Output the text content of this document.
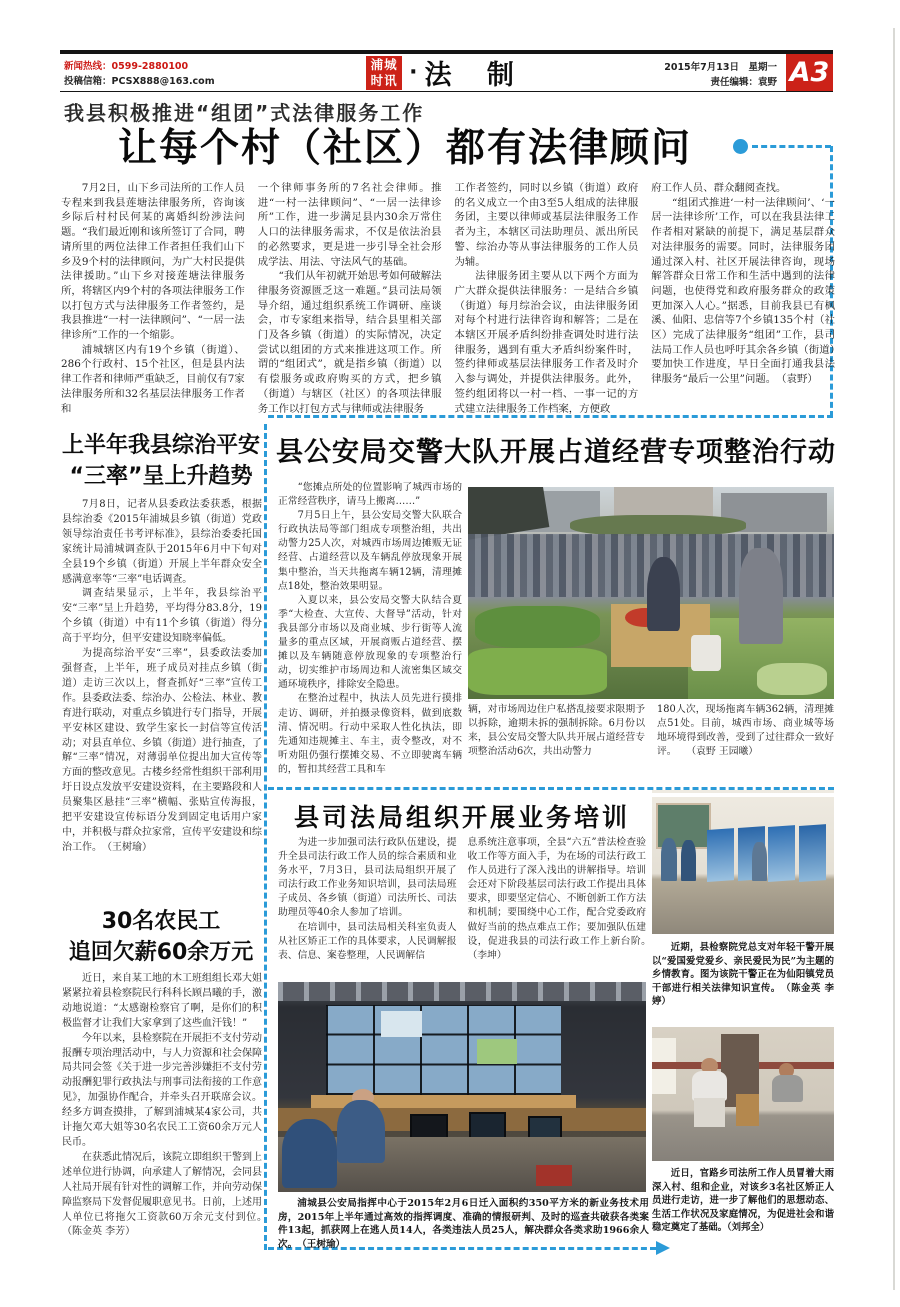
新闻热线：0599-2880100
投稿信箱：PCSX888@163.com
浦城
时讯 · 法 制	2015年7月13日　星期一
责任编辑：袁野 A3
我县积极推进“组团”式法律服务工作
让每个村（社区）都有法律顾问

7月2日，山下乡司法所的工作人员专程来到我县莲塘法律服务所，咨询该乡际后村村民何某的离婚纠纷涉法问题。“我们最近刚和该所签订了合同，聘请所里的两位法律工作者担任我们山下乡及9个村的法律顾问，为广大村民提供法律援助。”山下乡对接莲塘法律服务所，将辖区内9个村的各项法律服务工作以打包方式与法律服务工作者签约，是我县推进“一村一法律顾问”、“一居一法律诊所”工作的一个缩影。

浦城辖区内有19个乡镇（街道）、286个行政村、15个社区，但是县内法律工作者和律师严重缺乏，目前仅有7家法律服务所和32名基层法律服务工作者和

一个律师事务所的7名社会律师。推进“一村一法律顾问”、“一居一法律诊所”工作，进一步满足县内30余万常住人口的法律服务需求，不仅是依法治县的必然要求，更是进一步引导全社会形成学法、用法、守法风气的基础。

“我们从年初就开始思考如何破解法律服务资源匮乏这一难题。”县司法局领导介绍，通过组织系统工作调研、座谈会，市专家组来指导，结合县里相关部门及各乡镇（街道）的实际情况，决定尝试以组团的方式来推进这项工作。所谓的“组团式”，就是指乡镇（街道）以有偿服务或政府购买的方式，把乡镇（街道）与辖区（社区）的各项法律服务工作以打包方式与律师或法律服务

工作者签约，同时以乡镇（街道）政府的名义成立一个由3至5人组成的法律服务团，主要以律师或基层法律服务工作者为主，本辖区司法助理员、派出所民警、综治办等从事法律服务的工作人员为辅。

法律服务团主要从以下两个方面为广大群众提供法律服务：一是结合乡镇（街道）每月综治会议，由法律服务团对每个村进行法律咨询和解答；二是在本辖区开展矛盾纠纷排查调处时进行法律服务，遇到有重大矛盾纠纷案件时，签约律师或基层法律服务工作者及时介入参与调处，并提供法律服务。此外，签约组团将以一村一档、一事一记的方式建立法律服务工作档案，方便政

府工作人员、群众翻阅查找。

“组团式推进‘一村一法律顾问’、‘一居一法律诊所’工作，可以在我县法律工作者相对紧缺的前提下，满足基层群众对法律服务的需要。同时，法律服务团通过深入村、社区开展法律咨询，现场解答群众日常工作和生活中遇到的法律问题，也使得党和政府服务群众的政策更加深入人心。”据悉，目前我县已有枫溪、仙阳、忠信等7个乡镇135个村（社区）完成了法律服务“组团”工作，县司法局工作人员也呼吁其余各乡镇（街道）要加快工作进度，早日全面打通我县法律服务“最后一公里”问题。　（袁野）

上半年我县综治平安
“三率”呈上升趋势

7月8日，记者从县委政法委获悉，根据县综治委《2015年浦城县乡镇（街道）党政领导综治责任书考评标准》，县综治委委托国家统计局浦城调查队于2015年6月中下旬对全县19个乡镇（街道）开展上半年群众安全感满意率等“三率”电话调查。

调查结果显示，上半年，我县综治平安“三率”呈上升趋势，平均得分83.8分，19个乡镇（街道）中有11个乡镇（街道）得分高于平均分，但平安建设知晓率偏低。

为提高综治平安“三率”，县委政法委加强督查，上半年，班子成员对挂点乡镇（街道）走访三次以上，督查抓好“三率”宣传工作。县委政法委、综治办、公检法、林业、教育进行联动，对重点乡镇进行专门指导，开展平安林区建设、致学生家长一封信等宣传活动；对县直单位、乡镇（街道）进行抽查，了解“三率”情况，对薄弱单位提出加大宣传等方面的整改意见。古楼乡经常性组织干部利用圩日设点发放平安建设资料，在主要路段和人员聚集区悬挂“三率”横幅、张贴宣传海报，把平安建设宣传标语分发到固定电话用户家中，并积极与群众拉家常，宣传平安建设和综治工作。　（王树瑜）

30名农民工
追回欠薪60余万元

近日，来自某工地的木工班组组长邓大姐紧紧拉着县检察院民行科科长顾昌曦的手，激动地说道：“太感谢检察官了啊，是你们的积极监督才让我们大家拿到了这些血汗钱！”

今年以来，县检察院在开展拒不支付劳动报酬专项治理活动中，与人力资源和社会保障局共同会签《关于进一步完善涉嫌拒不支付劳动报酬犯罪行政执法与刑事司法衔接的工作意见》，加强协作配合，并牵头召开联席会议。经多方调查摸排，了解到浦城某4家公司，共计拖欠邓大姐等30名农民工工资60余万元人民币。

在获悉此情况后，该院立即组织干警到上述单位进行协调，向承建人了解情况，会同县人社局开展有针对性的调解工作，并向劳动保障监察局下发督促履职意见书。日前，上述用人单位已将拖欠工资款60万余元支付到位。　（陈金英 李芳）

县公安局交警大队开展占道经营专项整治行动

“您摊点所处的位置影响了城西市场的正常经营秩序，请马上搬离……”

7月5日上午，县公安局交警大队联合行政执法局等部门组成专项整治组，共出动警力25人次，对城西市场周边摊贩无证经营、占道经营以及车辆乱停放现象开展集中整治，当天共拖离车辆12辆，清理摊点18处，整治效果明显。

入夏以来，县公安局交警大队结合夏季“大检查、大宣传、大督导”活动，针对我县部分市场以及商业城、步行街等人流量多的重点区域，开展商贩占道经营、摆摊以及车辆随意停放现象的专项整治行动，切实维护市场周边和人流密集区域交通环境秩序，排除安全隐患。

在整治过程中，执法人员先进行摸排走访、调研，并拍摄录像资料，做到底数清、情况明。行动中采取人性化执法，即先通知违规摊主、车主，责令整改，对不听劝阻仍强行摆摊交易、不立即驶离车辆的，暂扣其经营工具和车

辆，对市场周边住户私搭乱接要求限期予以拆除，逾期未拆的强制拆除。6月份以来，县公安局交警大队共开展占道经营专项整治活动6次，共出动警力

180人次，现场拖离车辆362辆，清理摊点51处。目前，城西市场、商业城等场地环境得到改善，受到了过往群众一致好评。　　（袁野 王园曦）

县司法局组织开展业务培训

为进一步加强司法行政队伍建设，提升全县司法行政工作人员的综合素质和业务水平，7月3日，县司法局组织开展了司法行政工作业务知识培训，县司法局班子成员、各乡镇（街道）司法所长、司法助理员等40余人参加了培训。

在培训中，县司法局相关科室负责人从社区矫正工作的具体要求，人民调解报表、信息、案卷整理，人民调解信

息系统注意事项，全县“六五”普法检查验收工作等方面入手，为在场的司法行政工作人员进行了深入浅出的讲解指导。培训会还对下阶段基层司法行政工作提出具体要求，即要坚定信心、不断创新工作方法和机制；要围绕中心工作，配合党委政府做好当前的热点难点工作；要加强队伍建设，促进我县的司法行政工作上新台阶。　（李坤）

浦城县公安局指挥中心于2015年2月6日迁入面积约350平方米的新业务技术用房，2015年上半年通过高效的指挥调度、准确的情报研判、及时的巡查共破获各类案件13起，抓获网上在逃人员14人，各类违法人员25人，解决群众各类求助1966余人次。　（王树瑜）

近期，县检察院党总支对年轻干警开展以“爱国爱党爱乡、亲民爱民为民”为主题的乡情教育。图为该院干警正在为仙阳镇党员干部进行相关法律知识宣传。　（陈金英 李婷）

近日，官路乡司法所工作人员冒着大雨深入村、组和企业，对该乡3名社区矫正人员进行走访，进一步了解他们的思想动态、生活工作状况及家庭情况，为促进社会和谐稳定奠定了基础。（刘邦全）
